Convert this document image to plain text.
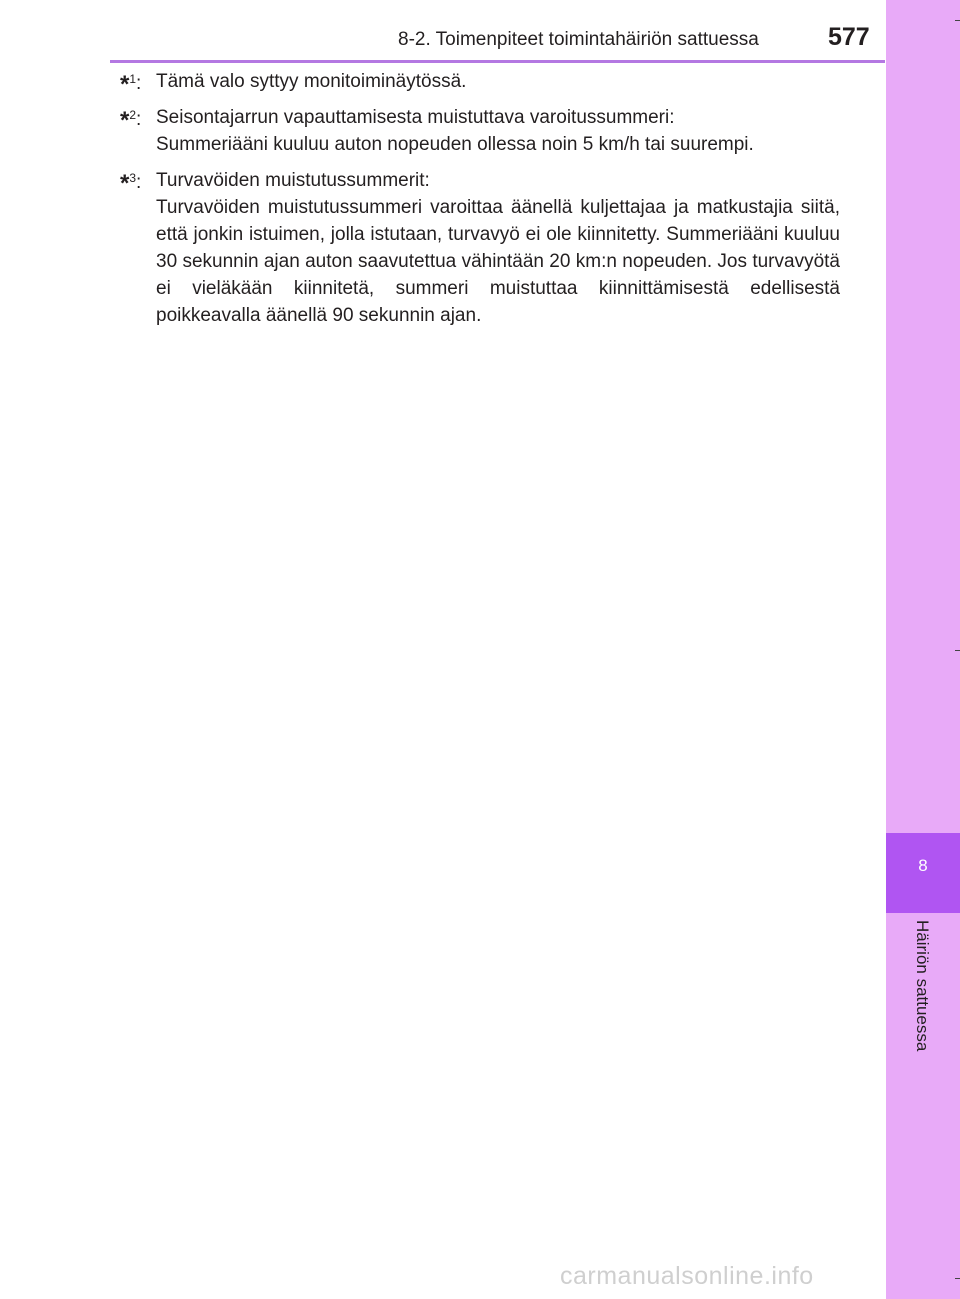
8
Häiriön sattuessa
8-2. Toimenpiteet toimintahäiriön sattuessa	577
*$^1$: Tämä valo syttyy monitoiminäytössä.
*$^2$: Seisontajarrun vapauttamisesta muistuttava varoitussummeri:
Summeriääni kuuluu auton nopeuden ollessa noin 5 km/h tai suurempi.
*$^3$: Turvavöiden muistutussummerit:
Turvavöiden muistutussummeri varoittaa äänellä kuljettajaa ja matkustajia siitä, että jonkin istuimen, jolla istutaan, turvavyö ei ole kiinnitetty. Summeriääni kuuluu 30 sekunnin ajan auton saavutettua vähintään 20 km:n nopeuden. Jos turvavyötä ei vieläkään kiinnitetä, summeri muistuttaa kiinnittämisestä edellisestä poikkeavalla äänellä 90 sekunnin ajan.
carmanualsonline.info
